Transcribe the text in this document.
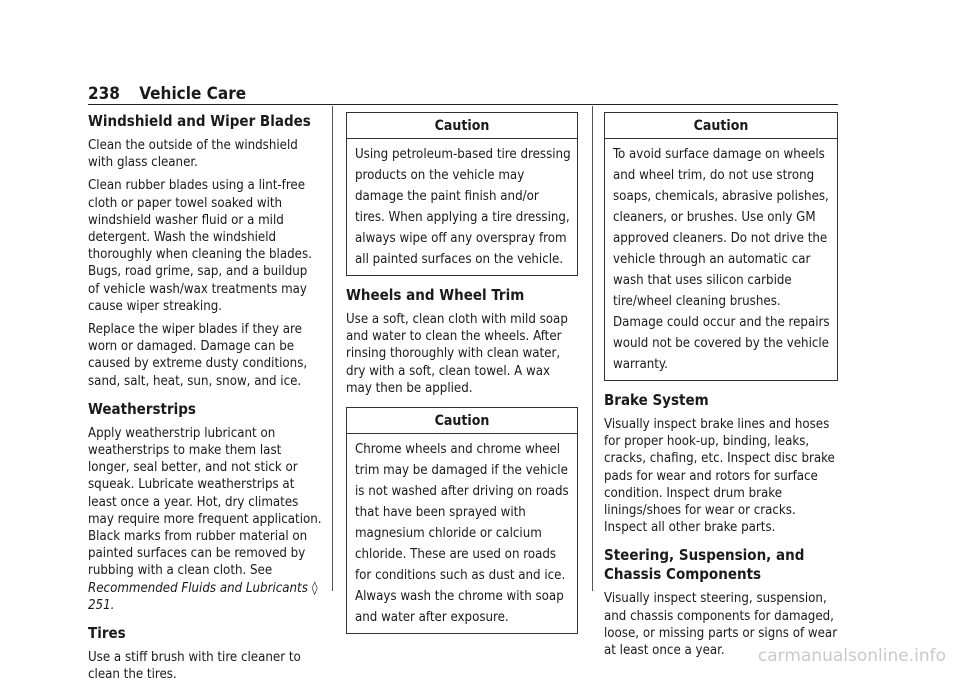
238 Vehicle Care
Windshield and Wiper Blades

Clean the outside of the windshield with glass cleaner.

Clean rubber blades using a lint-free cloth or paper towel soaked with windshield washer fluid or a mild detergent. Wash the windshield thoroughly when cleaning the blades. Bugs, road grime, sap, and a buildup of vehicle wash/wax treatments may cause wiper streaking.

Replace the wiper blades if they are worn or damaged. Damage can be caused by extreme dusty conditions, sand, salt, heat, sun, snow, and ice.

Weatherstrips

Apply weatherstrip lubricant on weatherstrips to make them last longer, seal better, and not stick or squeak. Lubricate weatherstrips at least once a year. Hot, dry climates may require more frequent application. Black marks from rubber material on painted surfaces can be removed by rubbing with a clean cloth. See Recommended Fluids and Lubricants ◊ 251.

Tires

Use a stiff brush with tire cleaner to clean the tires.

Caution
Using petroleum-based tire dressing products on the vehicle may damage the paint finish and/or tires. When applying a tire dressing, always wipe off any overspray from all painted surfaces on the vehicle.
Wheels and Wheel Trim

Use a soft, clean cloth with mild soap and water to clean the wheels. After rinsing thoroughly with clean water, dry with a soft, clean towel. A wax may then be applied.

Caution
Chrome wheels and chrome wheel trim may be damaged if the vehicle is not washed after driving on roads that have been sprayed with magnesium chloride or calcium chloride. These are used on roads for conditions such as dust and ice. Always wash the chrome with soap and water after exposure.
Caution
To avoid surface damage on wheels and wheel trim, do not use strong soaps, chemicals, abrasive polishes, cleaners, or brushes. Use only GM approved cleaners. Do not drive the vehicle through an automatic car wash that uses silicon carbide tire/wheel cleaning brushes. Damage could occur and the repairs would not be covered by the vehicle warranty.
Brake System

Visually inspect brake lines and hoses for proper hook-up, binding, leaks, cracks, chafing, etc. Inspect disc brake pads for wear and rotors for surface condition. Inspect drum brake linings/shoes for wear or cracks. Inspect all other brake parts.

Steering, Suspension, and Chassis Components

Visually inspect steering, suspension, and chassis components for damaged, loose, or missing parts or signs of wear at least once a year.	carmanualsonline.info
